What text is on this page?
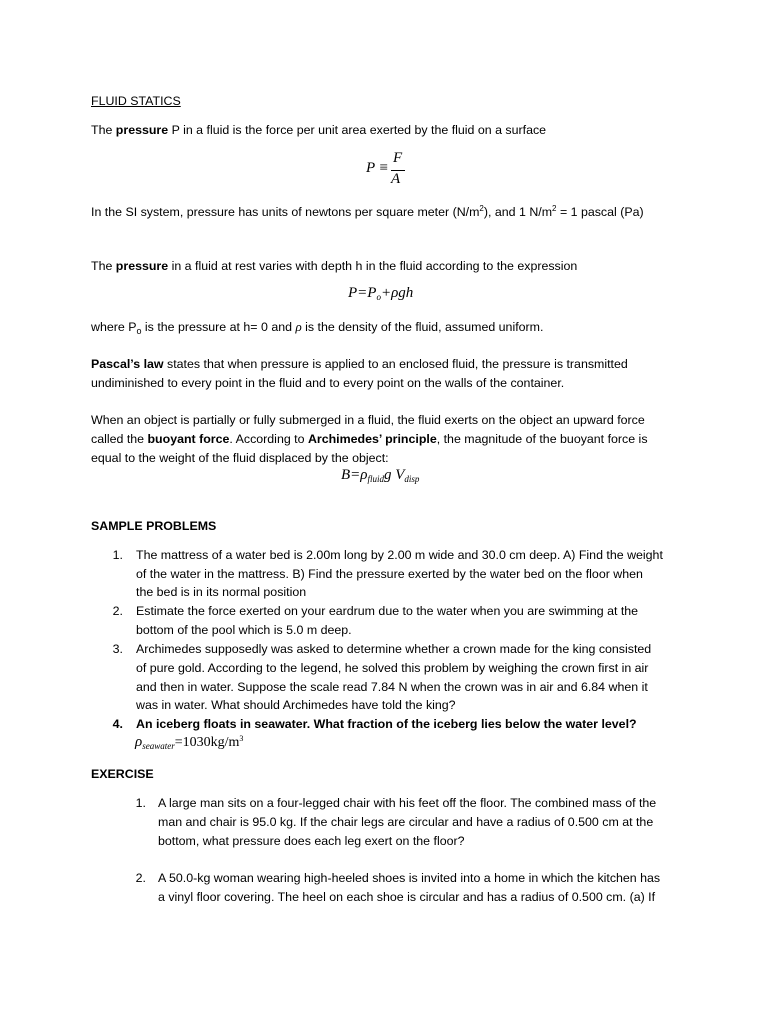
FLUID STATICS
The pressure P in a fluid is the force per unit area exerted by the fluid on a surface
P ≡
F
A
In the SI system, pressure has units of newtons per square meter $(N/m^2)$, and 1 $N/m^2 = 1$ pascal (Pa)
The pressure in a fluid at rest varies with depth h in the fluid according to the expression
$P=P_o+\rho gh$
where $P_o$ is the pressure at h= 0 and ρ is the density of the fluid, assumed uniform.
Pascal’s law states that when pressure is applied to an enclosed fluid, the pressure is transmitted
undiminished to every point in the fluid and to every point on the walls of the container.
When an object is partially or fully submerged in a fluid, the fluid exerts on the object an upward force
called the buoyant force. According to Archimedes’ principle, the magnitude of the buoyant force is
equal to the weight of the fluid displaced by the object:
$B=\rho_{fluid}g$ $V_{disp}$
SAMPLE PROBLEMS
1. The mattress of a water bed is 2.00m long by 2.00 m wide and 30.0 cm deep. A) Find the weight
of the water in the mattress. B) Find the pressure exerted by the water bed on the floor when
the bed is in its normal position
2. Estimate the force exerted on your eardrum due to the water when you are swimming at the
bottom of the pool which is 5.0 m deep.
3. Archimedes supposedly was asked to determine whether a crown made for the king consisted
of pure gold. According to the legend, he solved this problem by weighing the crown first in air
and then in water. Suppose the scale read 7.84 N when the crown was in air and 6.84 when it
was in water. What should Archimedes have told the king?
4. An iceberg floats in seawater. What fraction of the iceberg lies below the water level?
$\rho_{seawater}=1030kg/m^3$
EXERCISE
1. A large man sits on a four-legged chair with his feet off the floor. The combined mass of the
man and chair is 95.0 kg. If the chair legs are circular and have a radius of 0.500 cm at the
bottom, what pressure does each leg exert on the floor?
2. A 50.0-kg woman wearing high-heeled shoes is invited into a home in which the kitchen has
a vinyl floor covering. The heel on each shoe is circular and has a radius of 0.500 cm. (a) If
